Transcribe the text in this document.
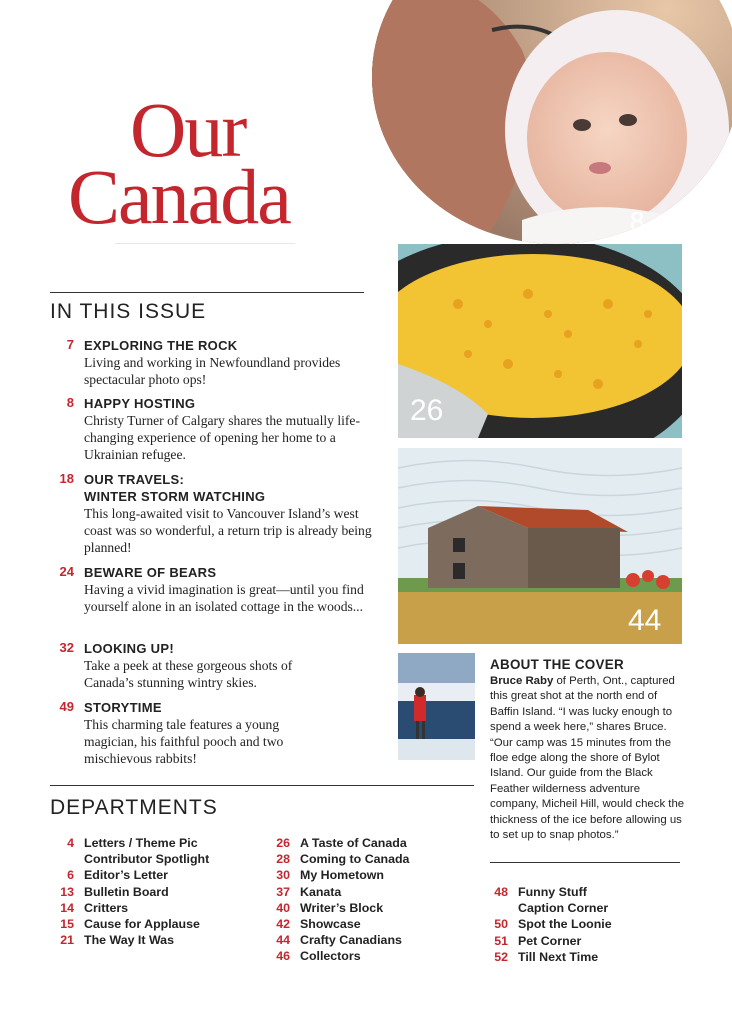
8
Our
Canada
IN THIS ISSUE
7 EXPLORING THE ROCK
Living and working in Newfoundland provides spectacular photo ops!
8 HAPPY HOSTING
Christy Turner of Calgary shares the mutually life-changing experience of opening her home to a Ukrainian refugee.
18 OUR TRAVELS:
WINTER STORM WATCHING
This long-awaited visit to Vancouver Island’s west coast was so wonderful, a return trip is already being planned!
24 BEWARE OF BEARS
Having a vivid imagination is great—until you find yourself alone in an isolated cottage in the woods...
32 LOOKING UP!
Take a peek at these gorgeous shots of Canada’s stunning wintry skies.
49 STORYTIME
This charming tale features a young magician, his faithful pooch and two mischievous rabbits!
26
44
ABOUT THE COVER
Bruce Raby of Perth, Ont., captured this great shot at the north end of Baffin Island. “I was lucky enough to spend a week here,” shares Bruce. “Our camp was 15 minutes from the floe edge along the shore of Bylot Island. Our guide from the Black Feather wilderness adventure company, Micheil Hill, would check the thickness of the ice before allowing us to set up to snap photos.”
DEPARTMENTS
4 Letters / Theme Pic
Contributor Spotlight
6 Editor’s Letter
13 Bulletin Board
14 Critters
15 Cause for Applause
21 The Way It Was
26 A Taste of Canada
28 Coming to Canada
30 My Hometown
37 Kanata
40 Writer’s Block
42 Showcase
44 Crafty Canadians
46 Collectors
48 Funny Stuff
Caption Corner
50 Spot the Loonie
51 Pet Corner
52 Till Next Time
